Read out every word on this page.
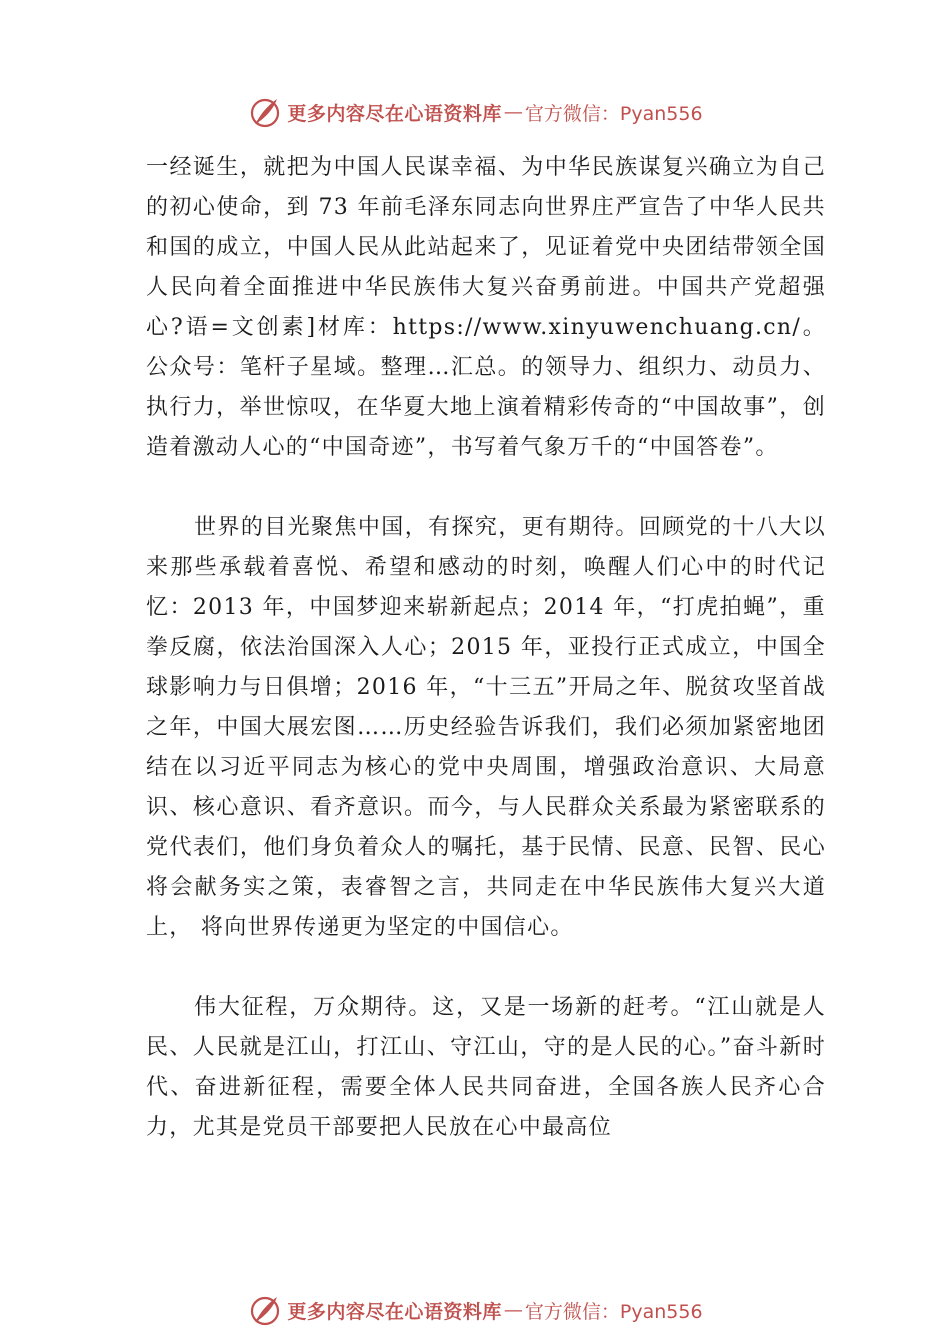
更多内容尽在心语资料库 — 官方微信：Pyan556

一经诞生，就把为中国人民谋幸福、为中华民族谋复兴确立为自己的初心使命，到 73 年前毛泽东同志向世界庄严宣告了中华人民共和国的成立，中国人民从此站起来了，见证着党中央团结带领全国人民向着全面推进中华民族伟大复兴奋勇前进。中国共产党超强心?语=文创素]材库：https://www.xinyuwenchuang.cn/。公众号：笔杆子星域。整理…汇总。的领导力、组织力、动员力、执行力，举世惊叹，在华夏大地上演着精彩传奇的“中国故事”，创造着激动人心的“中国奇迹”，书写着气象万千的“中国答卷”。

世界的目光聚焦中国，有探究，更有期待。回顾党的十八大以来那些承载着喜悦、希望和感动的时刻，唤醒人们心中的时代记忆：2013 年，中国梦迎来崭新起点；2014 年，“打虎拍蝇”，重拳反腐，依法治国深入人心；2015 年，亚投行正式成立，中国全球影响力与日俱增；2016 年，“十三五”开局之年、脱贫攻坚首战之年，中国大展宏图……历史经验告诉我们，我们必须加紧密地团结在以习近平同志为核心的党中央周围，增强政治意识、大局意识、核心意识、看齐意识。而今，与人民群众关系最为紧密联系的党代表们，他们身负着众人的嘱托，基于民情、民意、民智、民心将会献务实之策，表睿智之言，共同走在中华民族伟大复兴大道上， 将向世界传递更为坚定的中国信心。

伟大征程，万众期待。这，又是一场新的赶考。“江山就是人民、人民就是江山，打江山、守江山，守的是人民的心。”奋斗新时代、奋进新征程，需要全体人民共同奋进，全国各族人民齐心合力，尤其是党员干部要把人民放在心中最高位

更多内容尽在心语资料库 — 官方微信：Pyan556
